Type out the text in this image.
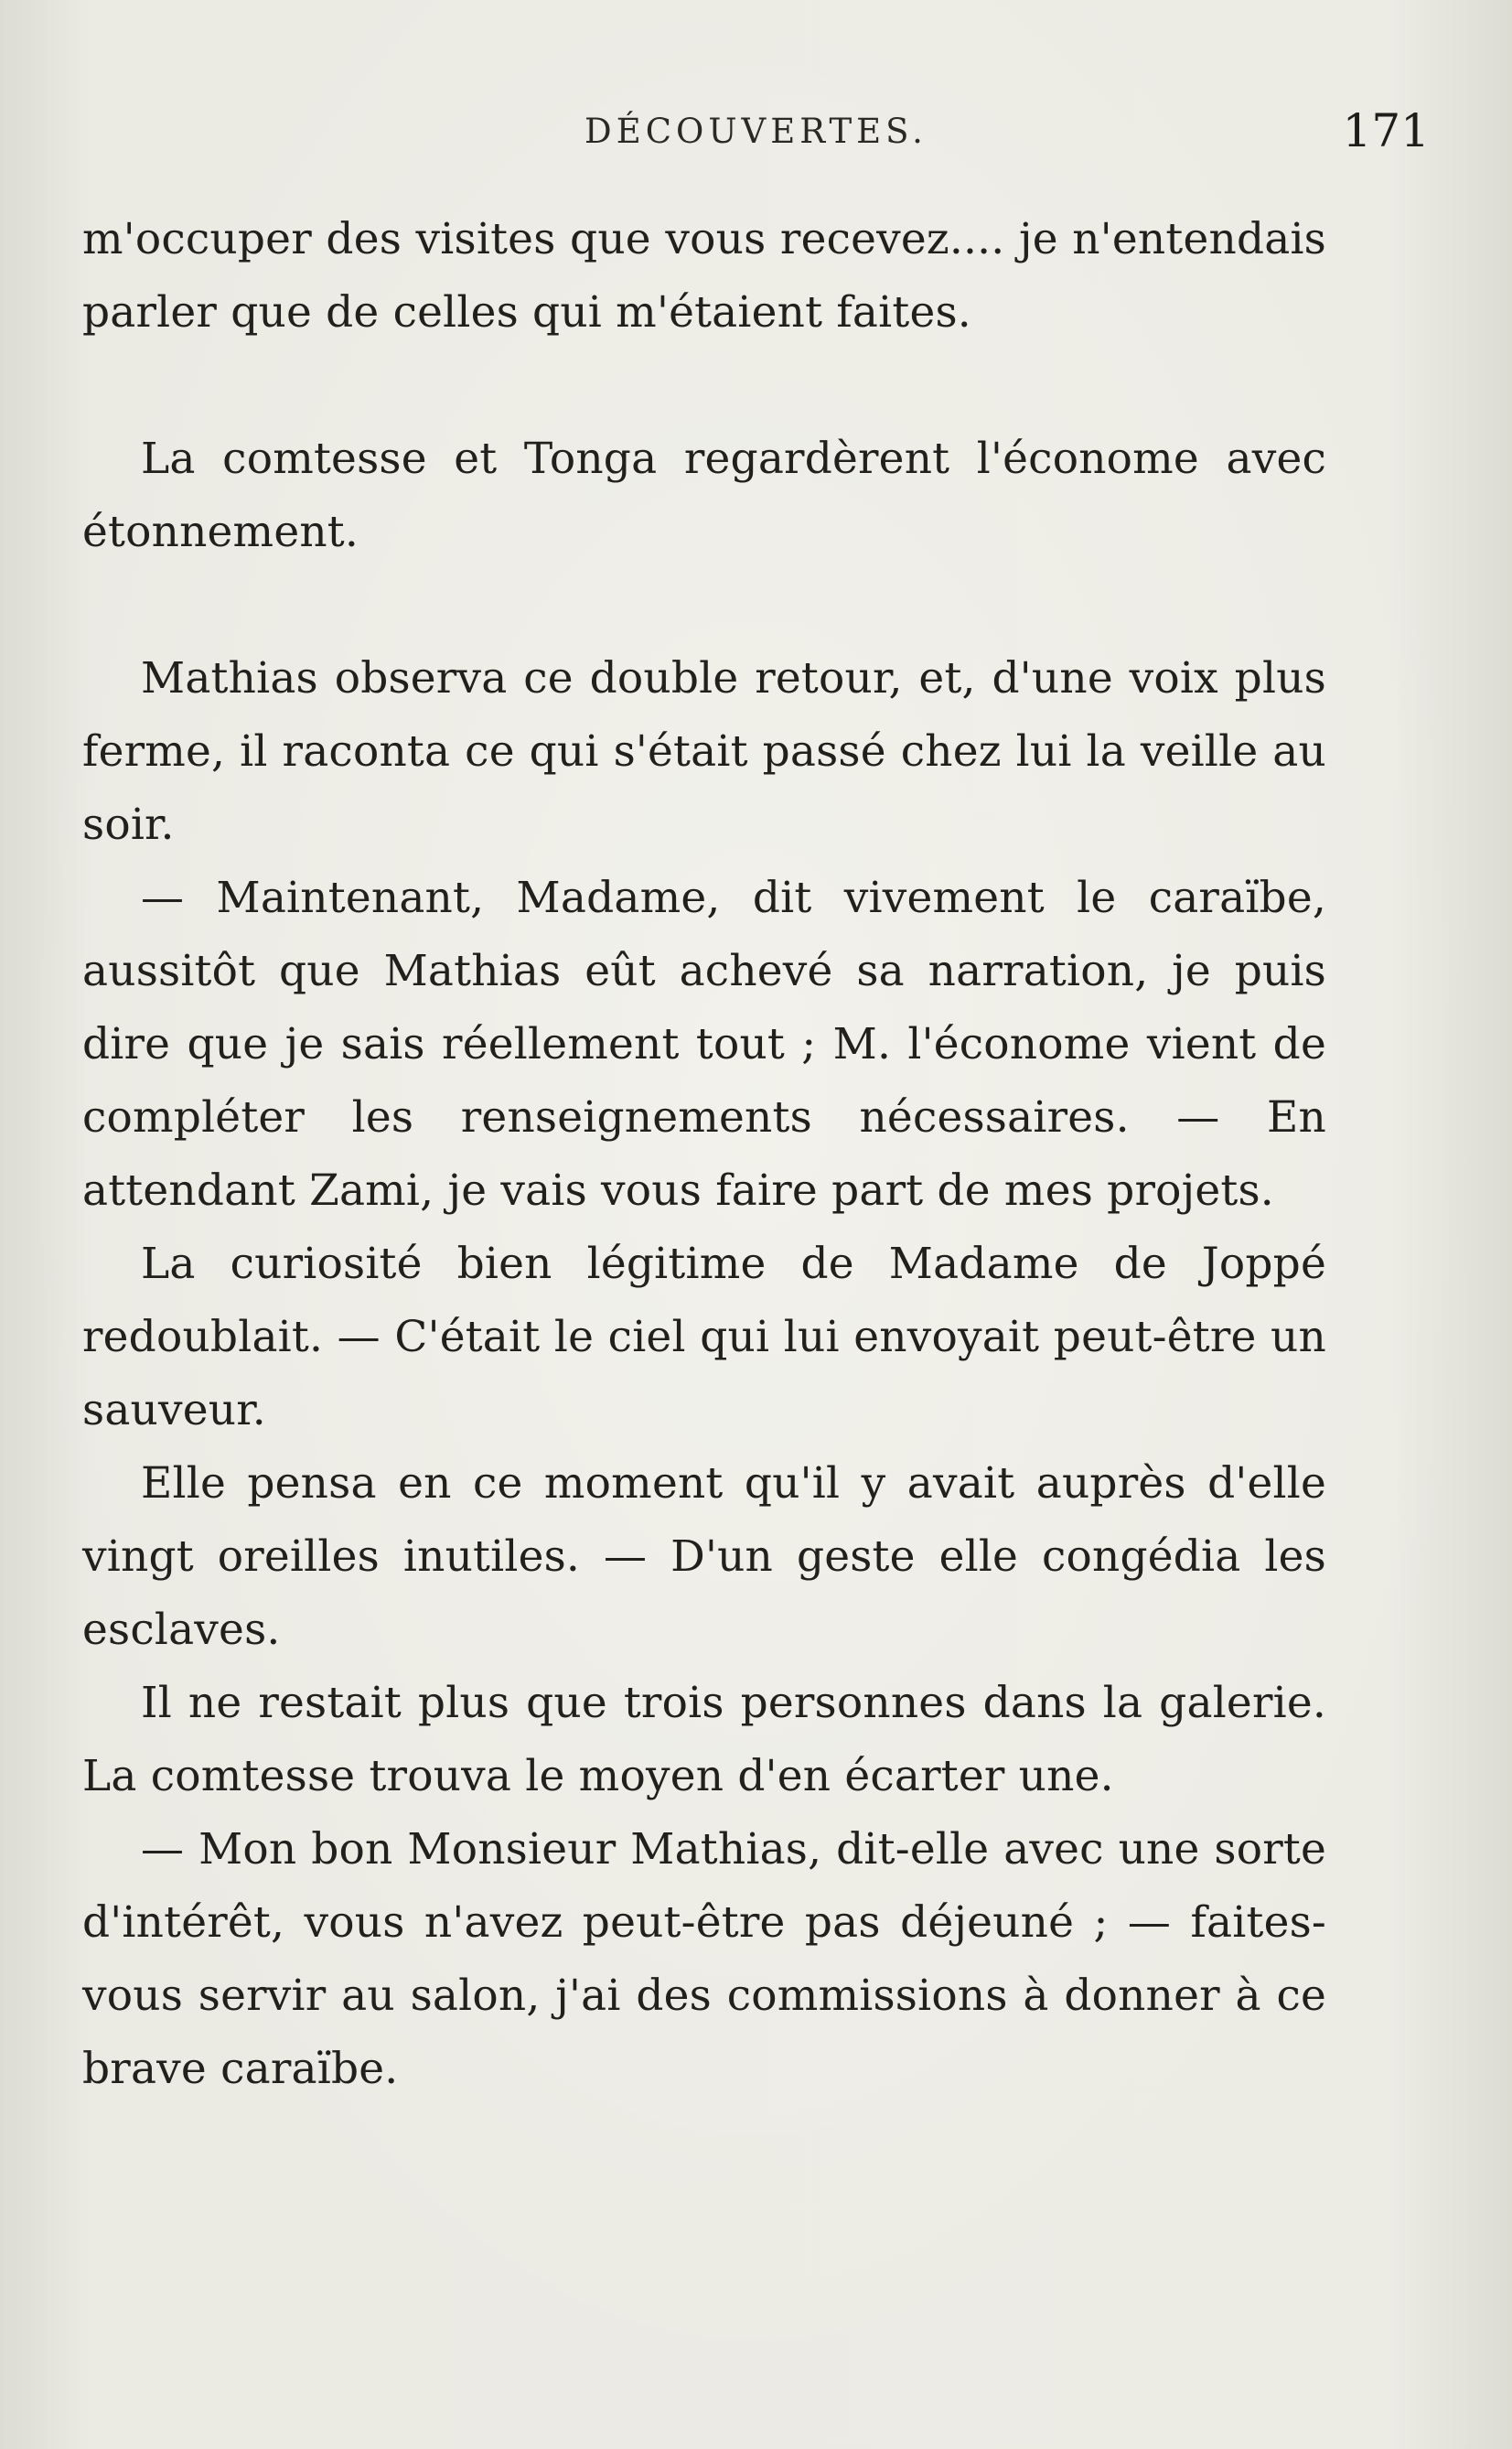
DÉCOUVERTES.	171

m'occuper des visites que vous recevez.... je n'entendais parler que de celles qui m'étaient faites.

La comtesse et Tonga regardèrent l'économe avec étonnement.

Mathias observa ce double retour, et, d'une voix plus ferme, il raconta ce qui s'était passé chez lui la veille au soir.

— Maintenant, Madame, dit vivement le caraïbe, aussitôt que Mathias eût achevé sa narration, je puis dire que je sais réellement tout ; M. l'économe vient de compléter les renseignements nécessaires. — En attendant Zami, je vais vous faire part de mes projets.

La curiosité bien légitime de Madame de Joppé redoublait. — C'était le ciel qui lui envoyait peut-être un sauveur.

Elle pensa en ce moment qu'il y avait auprès d'elle vingt oreilles inutiles. — D'un geste elle congédia les esclaves.

Il ne restait plus que trois personnes dans la galerie. La comtesse trouva le moyen d'en écarter une.

— Mon bon Monsieur Mathias, dit-elle avec une sorte d'intérêt, vous n'avez peut-être pas déjeuné ; — faites-vous servir au salon, j'ai des commissions à donner à ce brave caraïbe.
